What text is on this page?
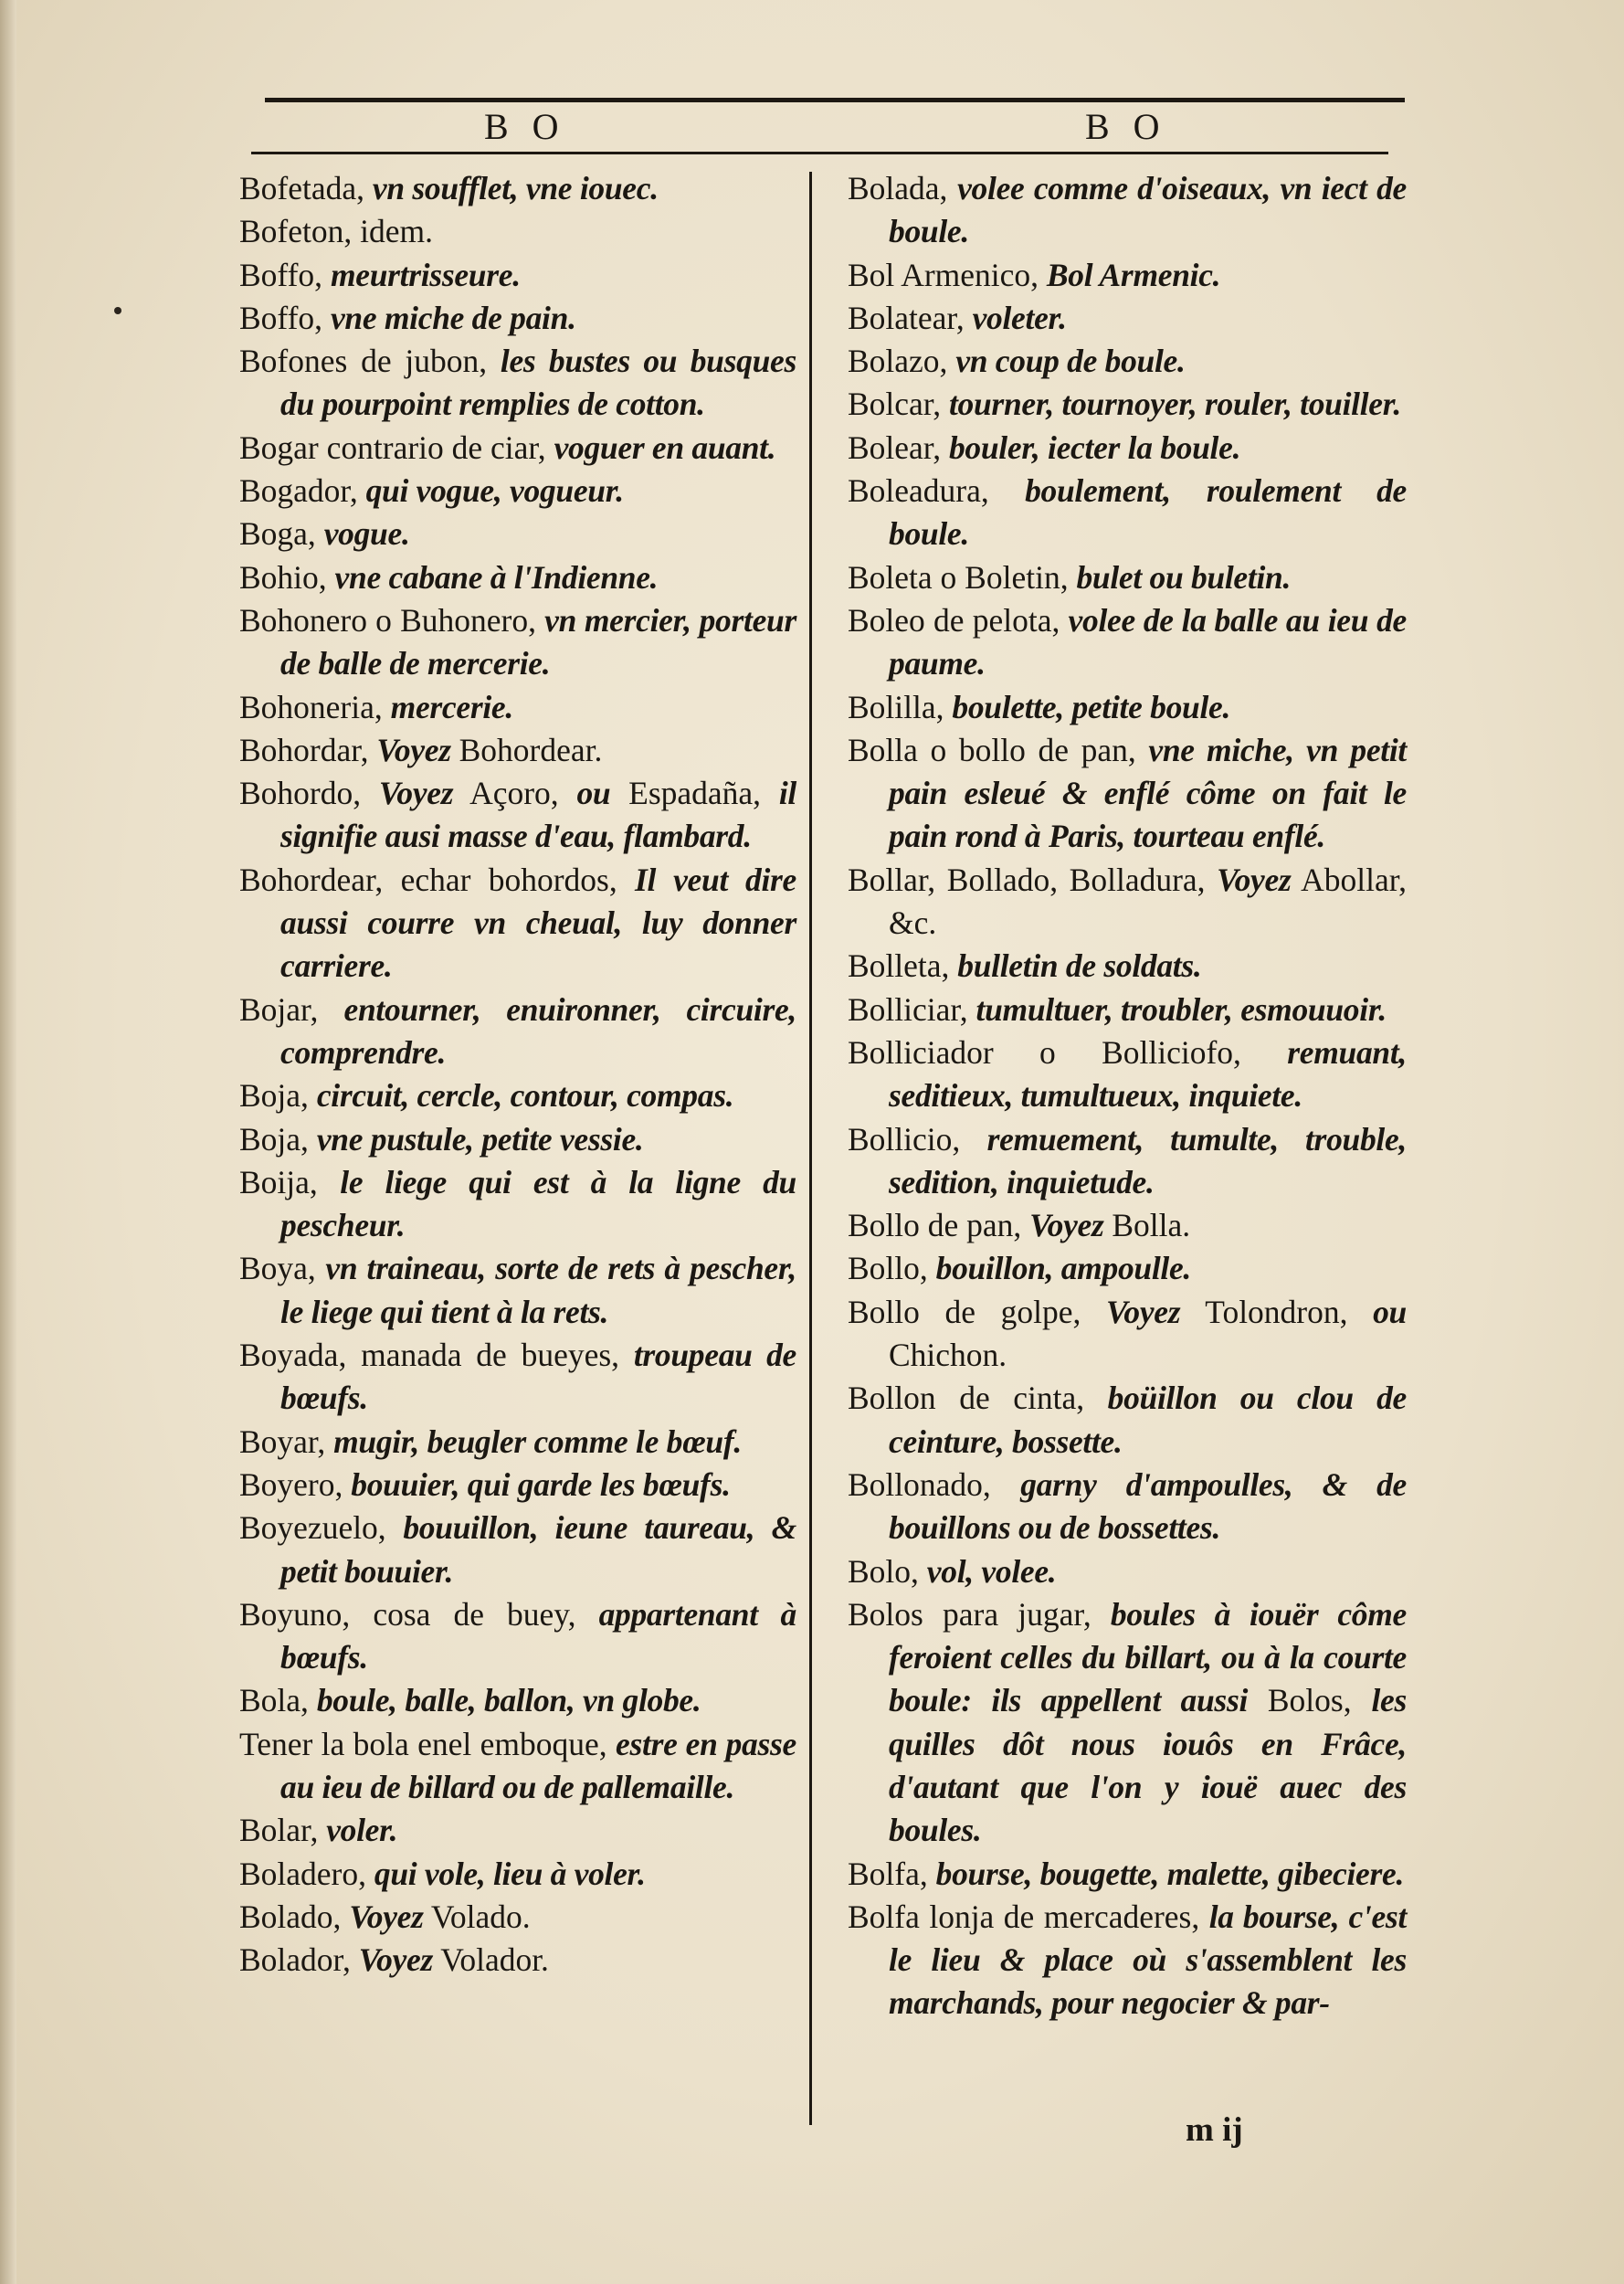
B O	B O
Bofetada, vn soufflet, vne iouec.
Bofeton, idem.
Boffo, meurtrisseure.
Boffo, vne miche de pain.
Bofones de jubon, les bustes ou busques du pourpoint remplies de cotton.
Bogar contrario de ciar, voguer en auant.
Bogador, qui vogue, vogueur.
Boga, vogue.
Bohio, vne cabane à l'Indienne.
Bohonero o Buhonero, vn mercier, porteur de balle de mercerie.
Bohoneria, mercerie.
Bohordar, Voyez Bohordear.
Bohordo, Voyez Açoro, ou Espadaña, il signifie ausi masse d'eau, flambard.
Bohordear, echar bohordos, Il veut dire aussi courre vn cheual, luy donner carriere.
Bojar, entourner, enuironner, circuire, comprendre.
Boja, circuit, cercle, contour, compas.
Boja, vne pustule, petite vessie.
Boija, le liege qui est à la ligne du pescheur.
Boya, vn traineau, sorte de rets à pescher, le liege qui tient à la rets.
Boyada, manada de bueyes, troupeau de bœufs.
Boyar, mugir, beugler comme le bœuf.
Boyero, bouuier, qui garde les bœufs.
Boyezuelo, bouuillon, ieune taureau, & petit bouuier.
Boyuno, cosa de buey, appartenant à bœufs.
Bola, boule, balle, ballon, vn globe.
Tener la bola enel emboque, estre en passe au ieu de billard ou de pallemaille.
Bolar, voler.
Boladero, qui vole, lieu à voler.
Bolado, Voyez Volado.
Bolador, Voyez Volador.
Bolada, volee comme d'oiseaux, vn iect de boule.
Bol Armenico, Bol Armenic.
Bolatear, voleter.
Bolazo, vn coup de boule.
Bolcar, tourner, tournoyer, rouler, touiller.
Bolear, bouler, iecter la boule.
Boleadura, boulement, roulement de boule.
Boleta o Boletin, bulet ou buletin.
Boleo de pelota, volee de la balle au ieu de paume.
Bolilla, boulette, petite boule.
Bolla o bollo de pan, vne miche, vn petit pain esleué & enflé côme on fait le pain rond à Paris, tourteau enflé.
Bollar, Bollado, Bolladura, Voyez Abollar, &c.
Bolleta, bulletin de soldats.
Bolliciar, tumultuer, troubler, esmouuoir.
Bolliciador o Bolliciofo, remuant, seditieux, tumultueux, inquiete.
Bollicio, remuement, tumulte, trouble, sedition, inquietude.
Bollo de pan, Voyez Bolla.
Bollo, bouillon, ampoulle.
Bollo de golpe, Voyez Tolondron, ou Chichon.
Bollon de cinta, boüillon ou clou de ceinture, bossette.
Bollonado, garny d'ampoulles, & de bouillons ou de bossettes.
Bolo, vol, volee.
Bolos para jugar, boules à iouër côme feroient celles du billart, ou à la courte boule: ils appellent aussi Bolos, les quilles dôt nous iouôs en Frâce, d'autant que l'on y iouë auec des boules.
Bolfa, bourse, bougette, malette, gibeciere.
Bolfa lonja de mercaderes, la bourse, c'est le lieu & place où s'assemblent les marchands, pour negocier & par-
m ij
